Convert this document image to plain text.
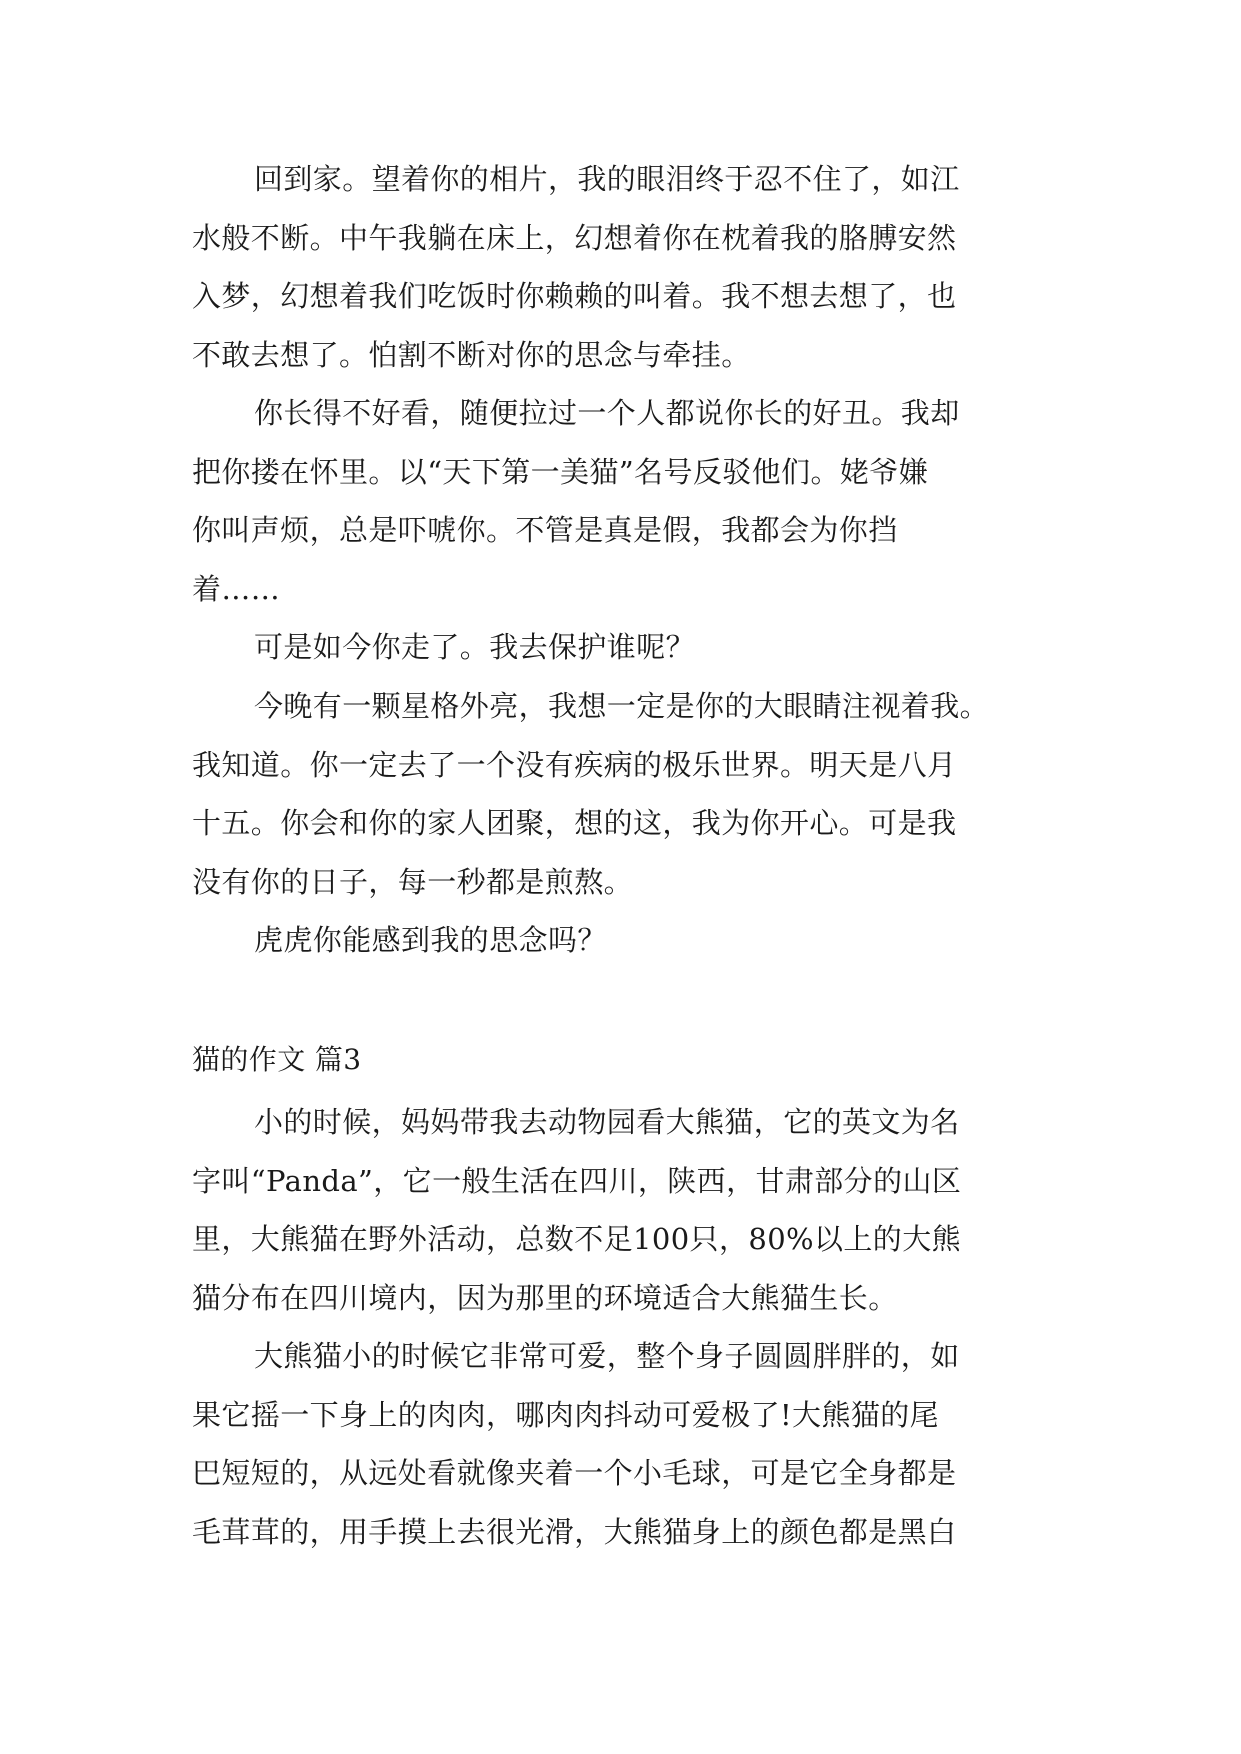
回到家。望着你的相片，我的眼泪终于忍不住了，如江
水般不断。中午我躺在床上，幻想着你在枕着我的胳膊安然
入梦，幻想着我们吃饭时你赖赖的叫着。我不想去想了，也
不敢去想了。怕割不断对你的思念与牵挂。
你长得不好看，随便拉过一个人都说你长的好丑。我却
把你搂在怀里。以“天下第一美猫”名号反驳他们。姥爷嫌
你叫声烦，总是吓唬你。不管是真是假，我都会为你挡
着……
可是如今你走了。我去保护谁呢？
今晚有一颗星格外亮，我想一定是你的大眼睛注视着我。
我知道。你一定去了一个没有疾病的极乐世界。明天是八月
十五。你会和你的家人团聚，想的这，我为你开心。可是我
没有你的日子，每一秒都是煎熬。
虎虎你能感到我的思念吗？
猫的作文 篇3
小的时候，妈妈带我去动物园看大熊猫，它的英文为名
字叫“Panda”，它一般生活在四川，陕西，甘肃部分的山区
里，大熊猫在野外活动，总数不足100只，80%以上的大熊
猫分布在四川境内，因为那里的环境适合大熊猫生长。
大熊猫小的时候它非常可爱，整个身子圆圆胖胖的，如
果它摇一下身上的肉肉，哪肉肉抖动可爱极了!大熊猫的尾
巴短短的，从远处看就像夹着一个小毛球，可是它全身都是
毛茸茸的，用手摸上去很光滑，大熊猫身上的颜色都是黑白
